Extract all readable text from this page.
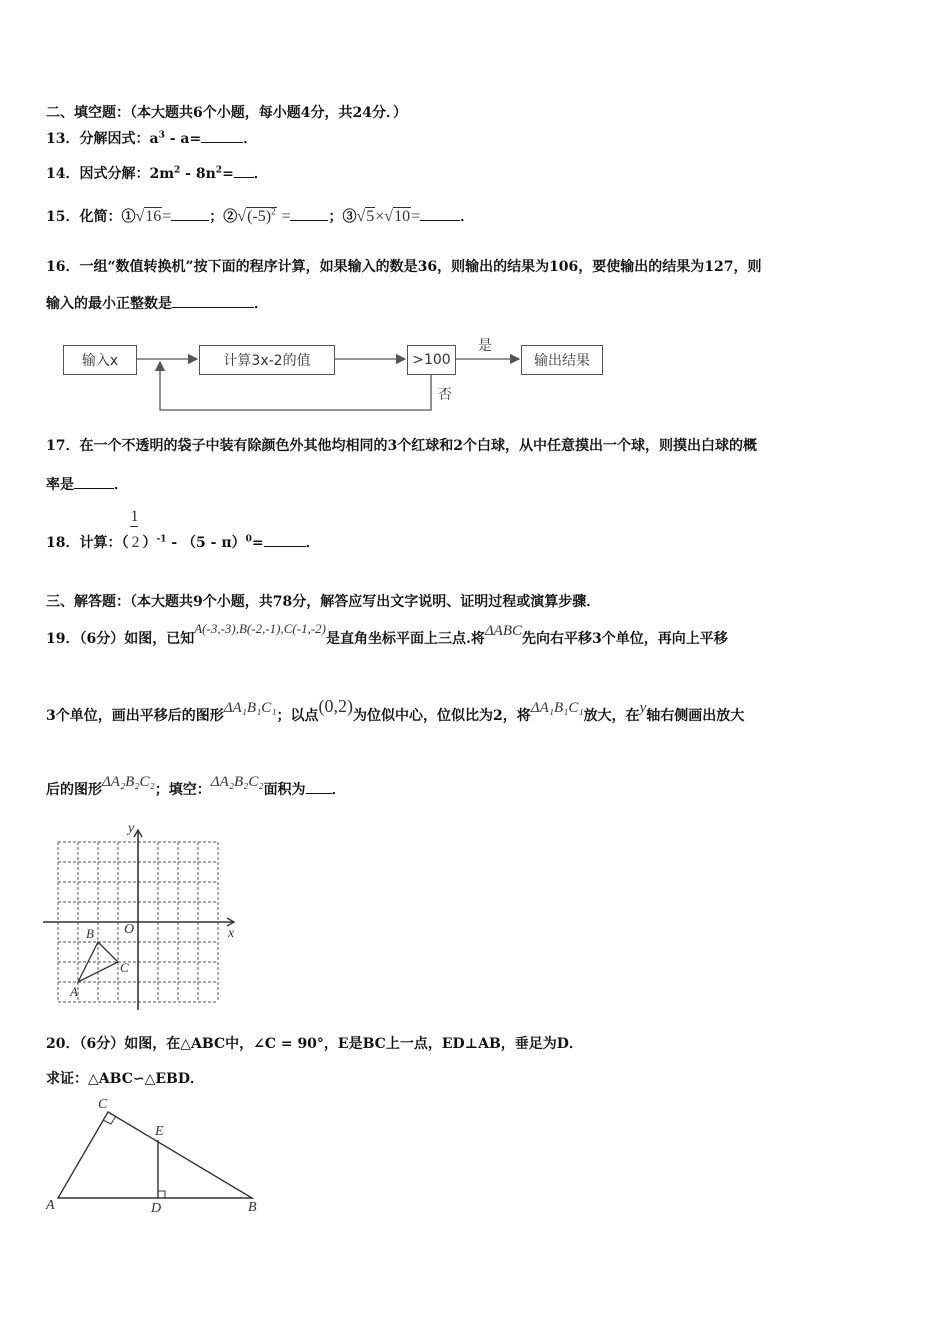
二、填空题：（本大题共6个小题，每小题4分，共24分．）
13．分解因式：$a^3 - a=$	．
14．因式分解：$2m^2 - 8n^2=$ ．
15．化简：①√16=	；$②√(-5)^2$ =	；③√5×√10=	．
16．一组“数值转换机”按下面的程序计算，如果输入的数是36，则输出的结果为106，要使输出的结果为127，则
输入的最小正整数是	．
输入x	计算3x-2的值	>100	输出结果
是
否
17．在一个不透明的袋子中装有除颜色外其他均相同的3个红球和2个白球，从中任意摸出一个球，则摸出白球的概
率是	．
18．计算：（ $\frac{1}{2})^{-1} - (5 - \pi)^0=$	．
三、解答题：（本大题共9个小题，共78分，解答应写出文字说明、证明过程或演算步骤．
19．（6分）如图，已知A(-3,-3),B(-2,-1),C(-1,-2)是直角坐标平面上三点.将ΔABC先向右平移3个单位，再向上平移
3个单位，画出平移后的图形ΔA₁B₁C₁；以点(0,2)为位似中心，位似比为2，将ΔA₁B₁C₁放大，在y轴右侧画出放大
后的图形ΔA₂B₂C₂；填空：ΔA₂B₂C₂面积为 ．
y
x
O
B
C
A
20．（6分）如图，在△ABC中，∠C = 90°，E是BC上一点，ED⊥AB，垂足为D．
求证：△ABC∽△EBD．
C
E
A	D	B
